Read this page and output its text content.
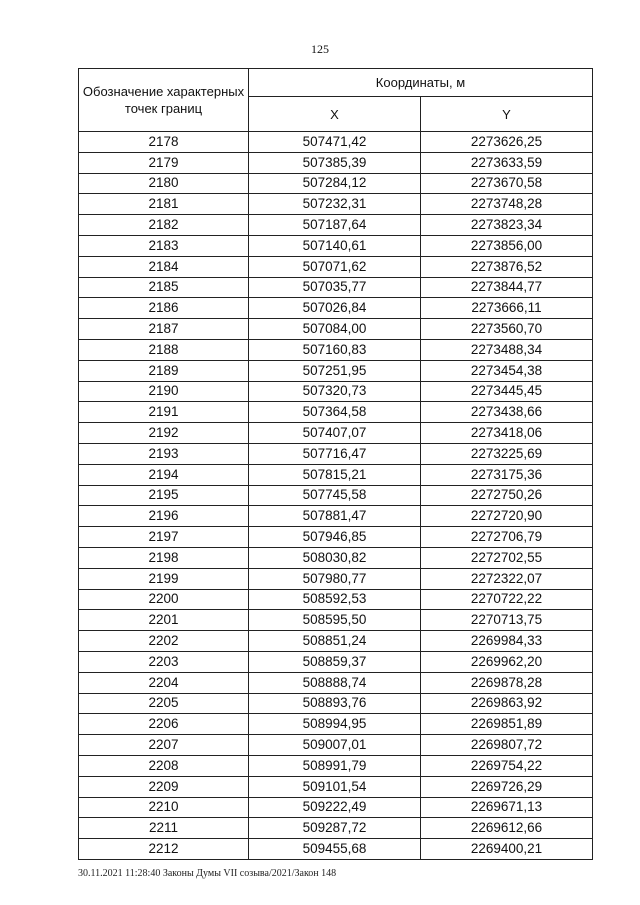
125
Обозначение характерных точек границ	Координаты, м	
	X	Y
2178	507471,42	2273626,25
2179	507385,39	2273633,59
2180	507284,12	2273670,58
2181	507232,31	2273748,28
2182	507187,64	2273823,34
2183	507140,61	2273856,00
2184	507071,62	2273876,52
2185	507035,77	2273844,77
2186	507026,84	2273666,11
2187	507084,00	2273560,70
2188	507160,83	2273488,34
2189	507251,95	2273454,38
2190	507320,73	2273445,45
2191	507364,58	2273438,66
2192	507407,07	2273418,06
2193	507716,47	2273225,69
2194	507815,21	2273175,36
2195	507745,58	2272750,26
2196	507881,47	2272720,90
2197	507946,85	2272706,79
2198	508030,82	2272702,55
2199	507980,77	2272322,07
2200	508592,53	2270722,22
2201	508595,50	2270713,75
2202	508851,24	2269984,33
2203	508859,37	2269962,20
2204	508888,74	2269878,28
2205	508893,76	2269863,92
2206	508994,95	2269851,89
2207	509007,01	2269807,72
2208	508991,79	2269754,22
2209	509101,54	2269726,29
2210	509222,49	2269671,13
2211	509287,72	2269612,66
2212	509455,68	2269400,21
30.11.2021 11:28:40 Законы Думы VII созыва/2021/Закон 148
